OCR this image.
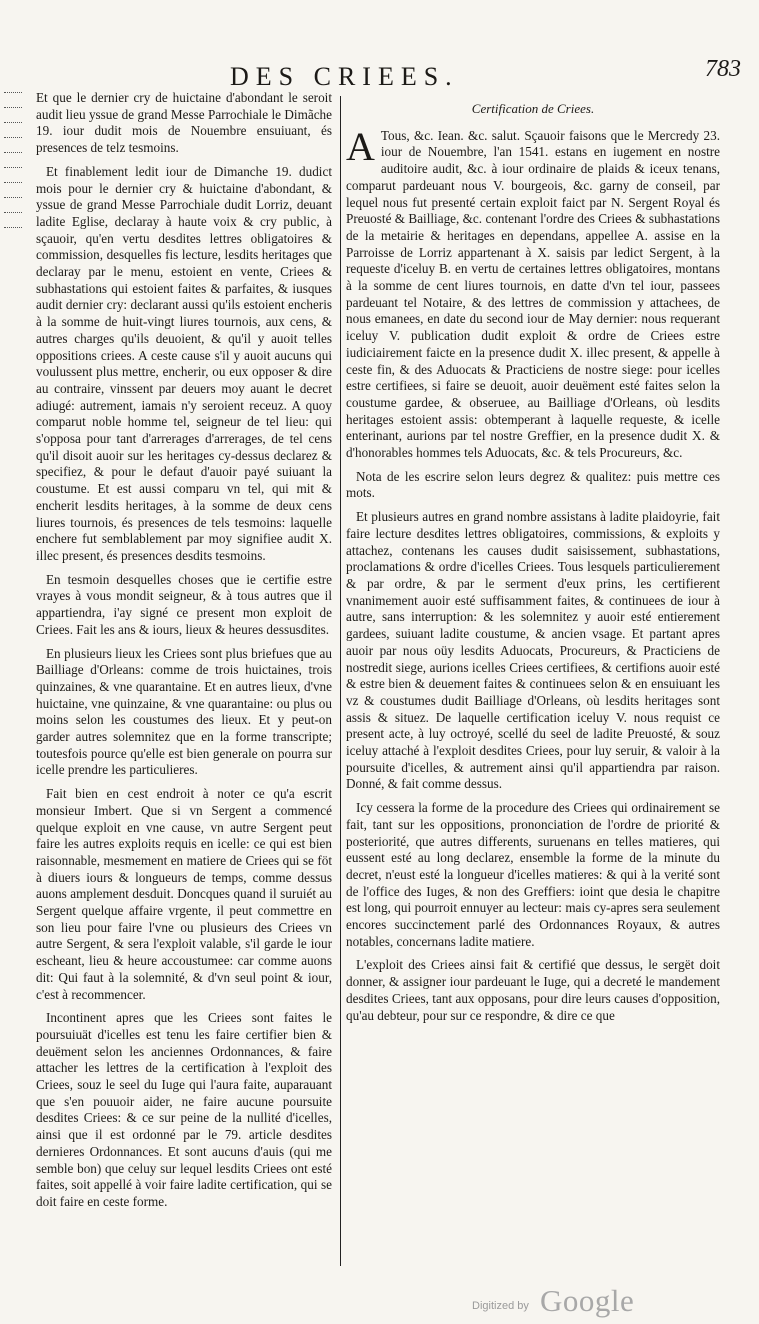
DES CRIEES.	783

Et que le dernier cry de huictaine d'abondant le seroit audit lieu yssue de grand Messe Parrochiale le Dimãche 19. iour dudit mois de Nouembre ensuiuant, és presences de telz tesmoins.

Et finablement ledit iour de Dimanche 19. dudict mois pour le dernier cry & huictaine d'abondant, & yssue de grand Messe Parrochiale dudit Lorriz, deuant ladite Eglise, declaray à haute voix & cry public, à sçauoir, qu'en vertu desdites lettres obligatoires & commission, desquelles fis lecture, lesdits heritages que declaray par le menu, estoient en vente, Criees & subhastations qui estoient faites & parfaites, & iusques audit dernier cry: declarant aussi qu'ils estoient encheris à la somme de huit-vingt liures tournois, aux cens, & autres charges qu'ils deuoient, & qu'il y auoit telles oppositions criees. A ceste cause s'il y auoit aucuns qui voulussent plus mettre, encherir, ou eux opposer & dire au contraire, vinssent par deuers moy auant le decret adiugé: autrement, iamais n'y seroient receuz. A quoy comparut noble homme tel, seigneur de tel lieu: qui s'opposa pour tant d'arrerages d'arrerages, de tel cens qu'il disoit auoir sur les heritages cy-dessus declarez & specifiez, & pour le defaut d'auoir payé suiuant la coustume. Et est aussi comparu vn tel, qui mit & encherit lesdits heritages, à la somme de deux cens liures tournois, és presences de tels tesmoins: laquelle enchere fut semblablement par moy signifiee audit X. illec present, és presences desdits tesmoins.

En tesmoin desquelles choses que ie certifie estre vrayes à vous mondit seigneur, & à tous autres que il appartiendra, i'ay signé ce present mon exploit de Criees. Fait les ans & iours, lieux & heures dessusdites.

En plusieurs lieux les Criees sont plus briefues que au Bailliage d'Orleans: comme de trois huictaines, trois quinzaines, & vne quarantaine. Et en autres lieux, d'vne huictaine, vne quinzaine, & vne quarantaine: ou plus ou moins selon les coustumes des lieux. Et y peut-on garder autres solemnitez que en la forme transcripte; toutesfois pource qu'elle est bien generale on pourra sur icelle prendre les particulieres.

Fait bien en cest endroit à noter ce qu'a escrit monsieur Imbert. Que si vn Sergent a commencé quelque exploit en vne cause, vn autre Sergent peut faire les autres exploits requis en icelle: ce qui est bien raisonnable, mesmement en matiere de Criees qui se föt à diuers iours & longueurs de temps, comme dessus auons amplement desduit. Doncques quand il suruiét au Sergent quelque affaire vrgente, il peut commettre en son lieu pour faire l'vne ou plusieurs des Criees vn autre Sergent, & sera l'exploit valable, s'il garde le iour escheant, lieu & heure accoustumee: car comme auons dit: Qui faut à la solemnité, & d'vn seul point & iour, c'est à recommencer.

Incontinent apres que les Criees sont faites le poursuiuät d'icelles est tenu les faire certifier bien & deuëment selon les anciennes Ordonnances, & faire attacher les lettres de la certification à l'exploit des Criees, souz le seel du Iuge qui l'aura faite, auparauant que s'en pouuoir aider, ne faire aucune poursuite desdites Criees: & ce sur peine de la nullité d'icelles, ainsi que il est ordonné par le 79. article desdites dernieres Ordonnances. Et sont aucuns d'auis (qui me semble bon) que celuy sur lequel lesdits Criees ont esté faites, soit appellé à voir faire ladite certification, qui se doit faire en ceste forme.

Certification de Criees.

A Tous, &c. Iean. &c. salut. Sçauoir faisons que le Mercredy 23. iour de Nouembre, l'an 1541. estans en iugement en nostre auditoire audit, &c. à iour ordinaire de plaids & iceux tenans, comparut pardeuant nous V. bourgeois, &c. garny de conseil, par lequel nous fut presenté certain exploit faict par N. Sergent Royal és Preuosté & Bailliage, &c. contenant l'ordre des Criees & subhastations de la metairie & heritages en dependans, appellee A. assise en la Parroisse de Lorriz appartenant à X. saisis par ledict Sergent, à la requeste d'iceluy B. en vertu de certaines lettres obligatoires, montans à la somme de cent liures tournois, en datte d'vn tel iour, passees pardeuant tel Notaire, & des lettres de commission y attachees, de nous emanees, en date du second iour de May dernier: nous requerant iceluy V. publication dudit exploit & ordre de Criees estre iudiciairement faicte en la presence dudit X. illec present, & appelle à ceste fin, & des Aduocats & Practiciens de nostre siege: pour icelles estre certifiees, si faire se deuoit, auoir deuëment esté faites selon la coustume gardee, & obseruee, au Bailliage d'Orleans, où lesdits heritages estoient assis: obtemperant à laquelle requeste, & icelle enterinant, aurions par tel nostre Greffier, en la presence dudit X. & d'honorables hommes tels Aduocats, &c. & tels Procureurs, &c.

Nota de les escrire selon leurs degrez & qualitez: puis mettre ces mots.

Et plusieurs autres en grand nombre assistans à ladite plaidoyrie, fait faire lecture desdites lettres obligatoires, commissions, & exploits y attachez, contenans les causes dudit saisissement, subhastations, proclamations & ordre d'icelles Criees. Tous lesquels particulierement & par ordre, & par le serment d'eux prins, les certifierent vnanimement auoir esté suffisamment faites, & continuees de iour à autre, sans interruption: & les solemnitez y auoir esté entierement gardees, suiuant ladite coustume, & ancien vsage. Et partant apres auoir par nous oüy lesdits Aduocats, Procureurs, & Practiciens de nostredit siege, aurions icelles Criees certifiees, & certifions auoir esté & estre bien & deuement faites & continuees selon & en ensuiuant les vz & coustumes dudit Bailliage d'Orleans, où lesdits heritages sont assis & situez. De laquelle certification iceluy V. nous requist ce present acte, à luy octroyé, scellé du seel de ladite Preuosté, & souz iceluy attaché à l'exploit desdites Criees, pour luy seruir, & valoir à la poursuite d'icelles, & autrement ainsi qu'il appartiendra par raison. Donné, & fait comme dessus.

Icy cessera la forme de la procedure des Criees qui ordinairement se fait, tant sur les oppositions, prononciation de l'ordre de priorité & posteriorité, que autres differents, suruenans en telles matieres, qui eussent esté au long declarez, ensemble la forme de la minute du decret, n'eust esté la longueur d'icelles matieres: & qui à la verité sont de l'office des Iuges, & non des Greffiers: ioint que desia le chapitre est long, qui pourroit ennuyer au lecteur: mais cy-apres sera seulement encores succinctement parlé des Ordonnances Royaux, & autres notables, concernans ladite matiere.

L'exploit des Criees ainsi fait & certifié que dessus, le sergët doit donner, & assigner iour pardeuant le Iuge, qui a decreté le mandement desdites Criees, tant aux opposans, pour dire leurs causes d'opposition, qu'au debteur, pour sur ce respondre, & dire ce que

Digitized by Google
